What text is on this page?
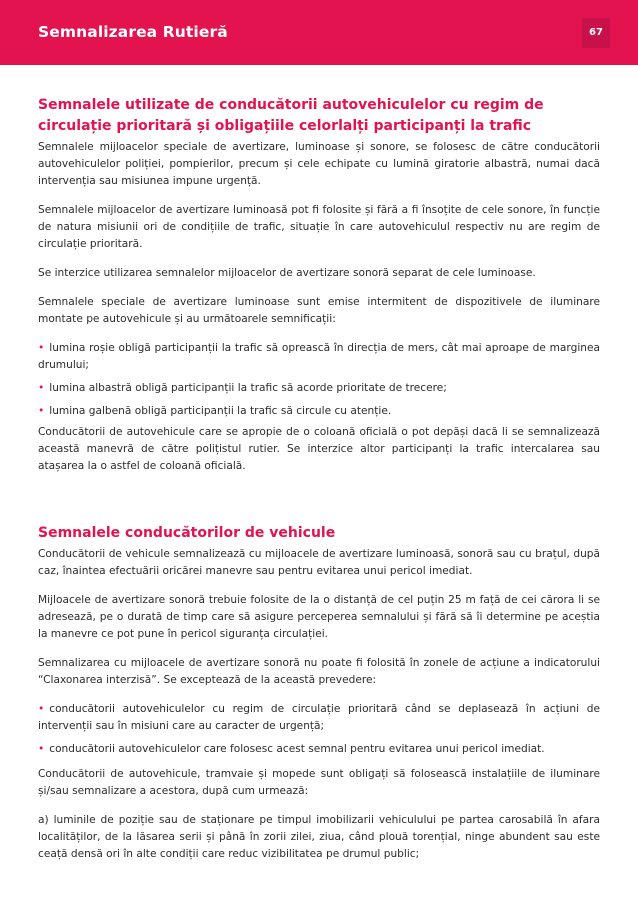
Semnalizarea Rutieră	67
Semnalele utilizate de conducătorii autovehiculelor cu regim de circulație prioritară și obligațiile celorlalți participanți la trafic

Semnalele mijloacelor speciale de avertizare, luminoase și sonore, se folosesc de către conducătorii autovehiculelor poliției, pompierilor, precum și cele echipate cu lumină giratorie albastră, numai dacă intervenția sau misiunea impune urgență.

Semnalele mijloacelor de avertizare luminoasă pot fi folosite și fără a fi însoțite de cele sonore, în funcție de natura misiunii ori de condițiile de trafic, situație în care autovehiculul respectiv nu are regim de circulație prioritară.

Se interzice utilizarea semnalelor mijloacelor de avertizare sonoră separat de cele luminoase.

Semnalele speciale de avertizare luminoase sunt emise intermitent de dispozitivele de iluminare montate pe autovehicule și au următoarele semnificații:

• lumina roșie obligă participanții la trafic să oprească în direcția de mers, cât mai aproape de marginea drumului;

• lumina albastră obligă participanții la trafic să acorde prioritate de trecere;

• lumina galbenă obligă participanții la trafic să circule cu atenție.

Conducătorii de autovehicule care se apropie de o coloană oficială o pot depăși dacă li se semnalizează această manevră de către polițistul rutier. Se interzice altor participanți la trafic intercalarea sau atașarea la o astfel de coloană oficială.

Semnalele conducătorilor de vehicule

Conducătorii de vehicule semnalizează cu mijloacele de avertizare luminoasă, sonoră sau cu brațul, după caz, înaintea efectuării oricărei manevre sau pentru evitarea unui pericol imediat.

Mijloacele de avertizare sonoră trebuie folosite de la o distanță de cel puțin 25 m față de cei cărora li se adresează, pe o durată de timp care să asigure perceperea semnalului și fără să îi determine pe aceștia la manevre ce pot pune în pericol siguranța circulației.

Semnalizarea cu mijloacele de avertizare sonoră nu poate fi folosită în zonele de acțiune a indicatorului “Claxonarea interzisă”. Se exceptează de la această prevedere:

• conducătorii autovehiculelor cu regim de circulație prioritară când se deplasează în acțiuni de intervenții sau în misiuni care au caracter de urgență;

• conducătorii autovehiculelor care folosesc acest semnal pentru evitarea unui pericol imediat.

Conducătorii de autovehicule, tramvaie și mopede sunt obligați să folosească instalațiile de iluminare și/sau semnalizare a acestora, după cum urmează:

a) luminile de poziție sau de staționare pe timpul imobilizarii vehiculului pe partea carosabilă în afara localităților, de la lăsarea serii și până în zorii zilei, ziua, când plouă torențial, ninge abundent sau este ceață densă ori în alte condiții care reduc vizibilitatea pe drumul public;
